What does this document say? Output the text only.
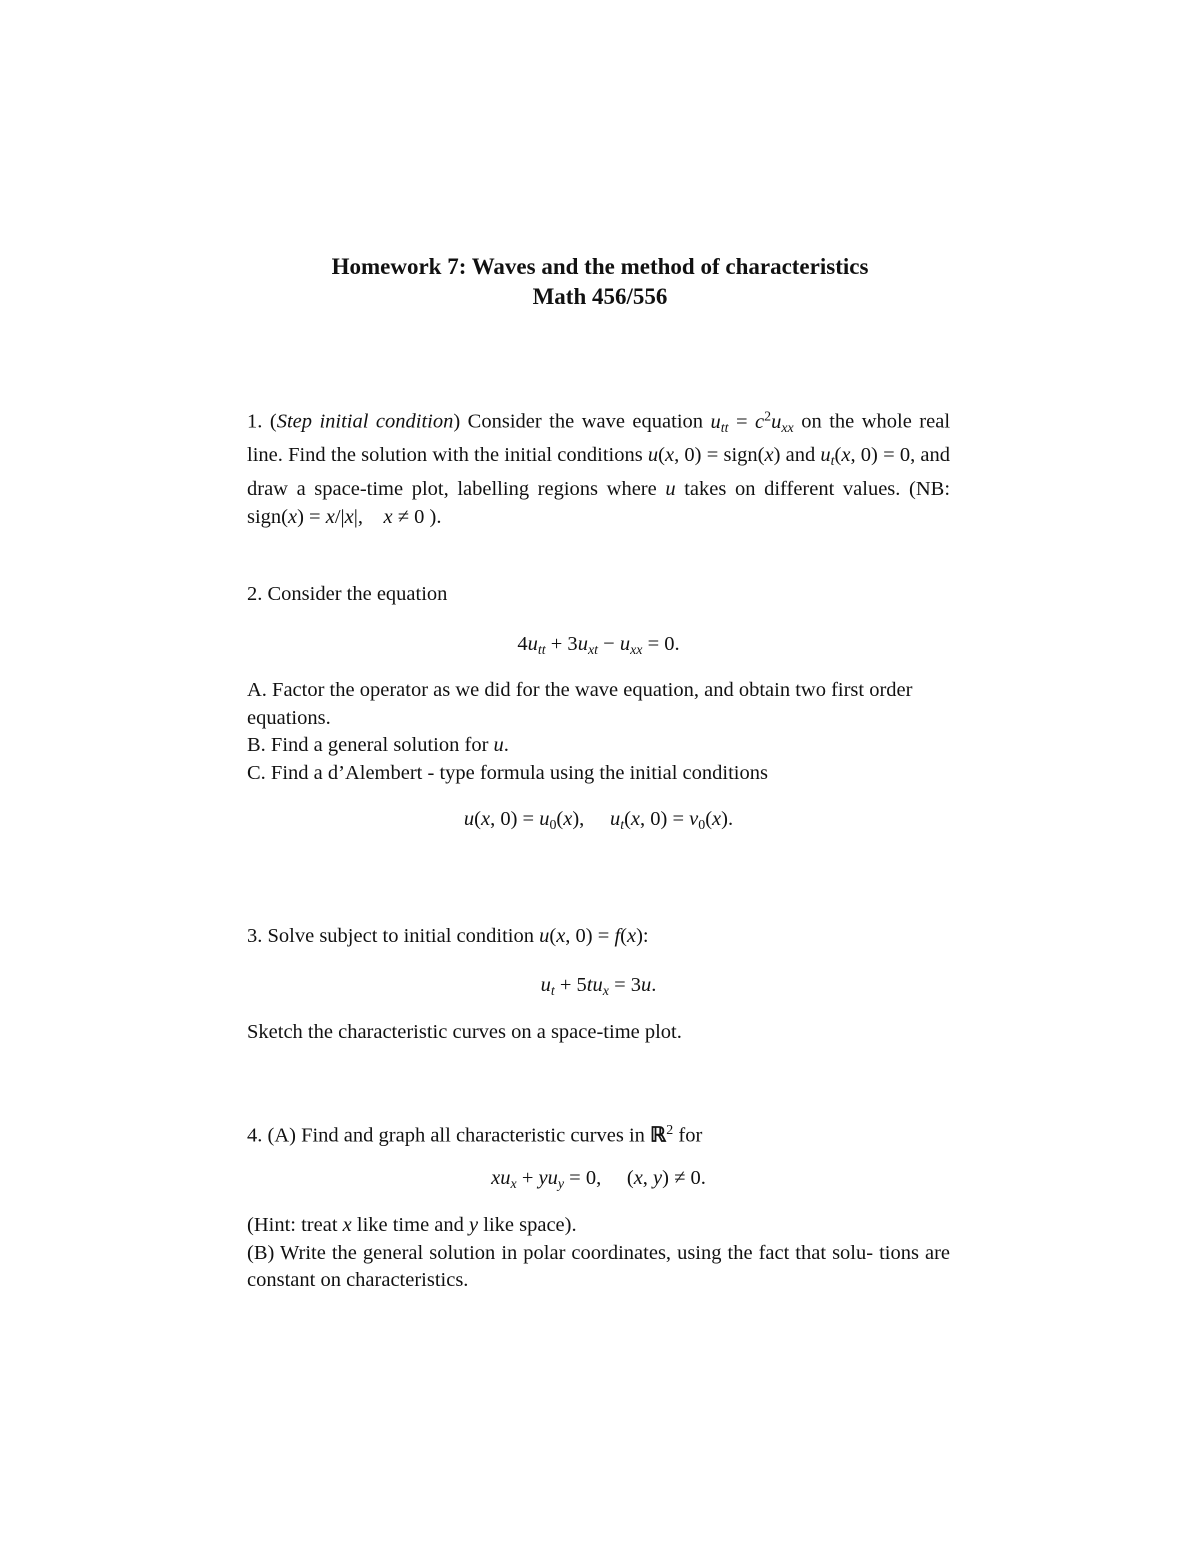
Homework 7: Waves and the method of characteristics
Math 456/556
1. (Step initial condition) Consider the wave equation $u_{tt} = c^2u_{xx}$ on the whole real line. Find the solution with the initial conditions u(x, 0) = sign(x) and $u_t(x$, 0) = 0, and draw a space-time plot, labelling regions where u takes on different values. (NB: sign(x) = x/|x|,    x ≠ 0 ).
2. Consider the equation
$4u_{tt} + 3u_{xt} - u_{xx} = 0$.
A. Factor the operator as we did for the wave equation, and obtain two first order equations.
B. Find a general solution for u.
C. Find a d’Alembert - type formula using the initial conditions
u(x, $0) = u_0(x)$,     $u_t(x$, $0) = v_0(x)$.
3. Solve subject to initial condition u(x, 0) = f(x):
$u_t + 5tu_x = 3u$.
Sketch the characteristic curves on a space-time plot.
4. (A) Find and graph all characteristic curves in ℝ$^2$ for
$xu_x + yu_y = 0$,     (x, y) ≠ 0.
(Hint: treat x like time and y like space).
(B) Write the general solution in polar coordinates, using the fact that solu- tions are constant on characteristics.
